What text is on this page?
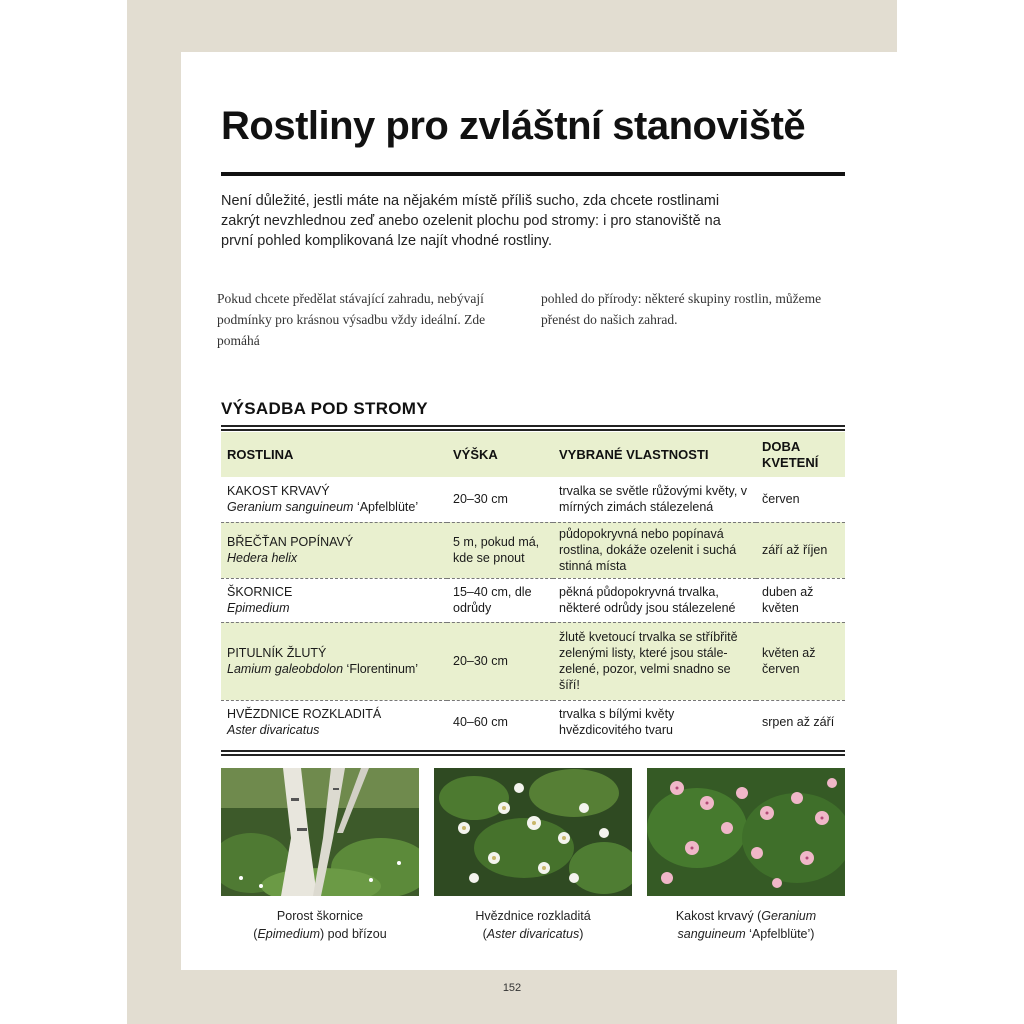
Rostliny pro zvláštní stanoviště

Není důležité, jestli máte na nějakém místě příliš sucho, zda chcete rostlinami zakrýt nevzhlednou zeď anebo ozelenit plochu pod stromy: i pro stanoviště na první pohled komplikovaná lze najít vhodné rostliny.

Pokud chcete předělat stávající zahradu, nebývají podmínky pro krásnou výsadbu vždy ideální. Zde pomáhá

pohled do přírody: některé skupiny rostlin, můžeme přenést do našich zahrad.

VÝSADBA POD STROMY
ROSTLINA	VÝŠKA	VYBRANÉ VLASTNOSTI	DOBA KVETENÍ

KAKOST KRVAVÝ
Geranium sanguineum ‘Apfelblüte’	20–30 cm	trvalka se světle růžovými květy, v mírných zimách stálezelená	červen

BŘEČŤAN POPÍNAVÝ
Hedera helix	5 m, pokud má, kde se pnout	půdopokryvná nebo popínavá rostlina, dokáže ozelenit i suchá stinná místa	září až říjen

ŠKORNICE
Epimedium	15–40 cm, dle odrůdy	pěkná půdopokryvná trvalka, některé odrůdy jsou stálezelené	duben až květen

PITULNÍK ŽLUTÝ
Lamium galeobdolon ‘Florentinum’	20–30 cm	žlutě kvetoucí trvalka se stříbřitě zelenými listy, které jsou stále-zelené, pozor, velmi snadno se šíří!	květen až červen

HVĚZDNICE ROZKLADITÁ
Aster divaricatus	40–60 cm	trvalka s bílými květy hvězdicovitého tvaru	srpen až září

Porost škornice
(Epimedium) pod břízou

Hvězdnice rozkladitá
(Aster divaricatus)

Kakost krvavý (Geranium sanguineum ‘Apfelblüte’)

152
